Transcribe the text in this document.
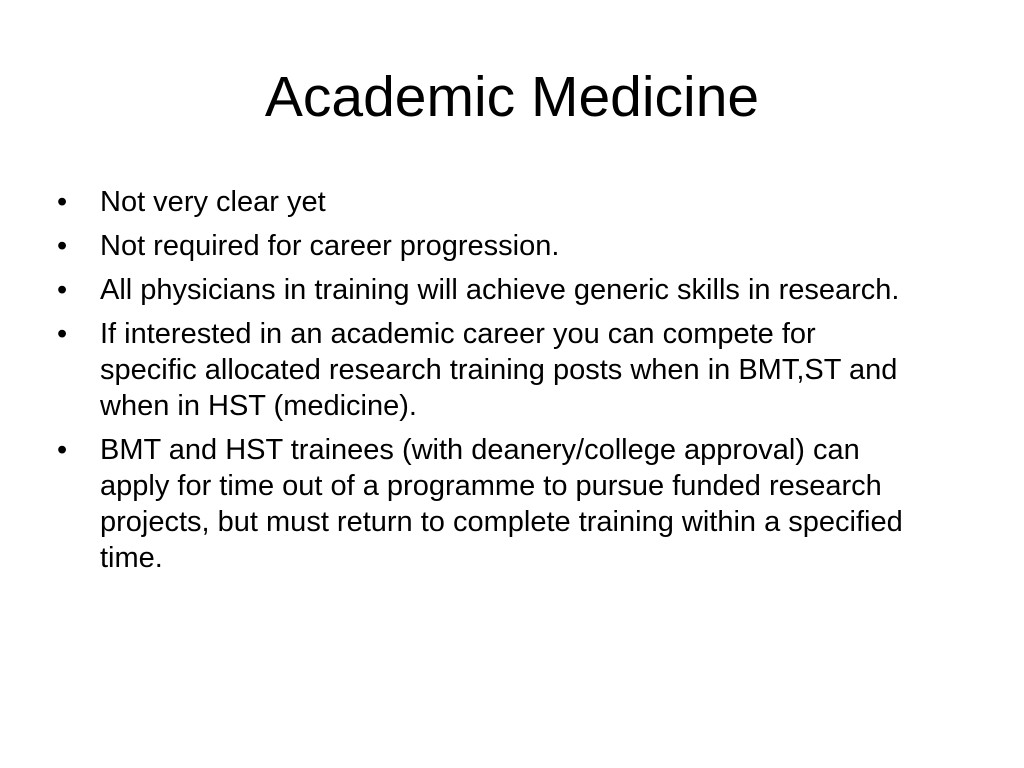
Academic Medicine
•	Not very clear yet
•	Not required for career progression.
•	All physicians in training will achieve generic skills in research.
•	If interested in an academic career you can compete for specific allocated research training posts when in BMT,ST and when in HST (medicine).
•	BMT and HST trainees (with deanery/college approval) can apply for time out of a programme to pursue funded research projects, but must return to complete training within a specified time.
